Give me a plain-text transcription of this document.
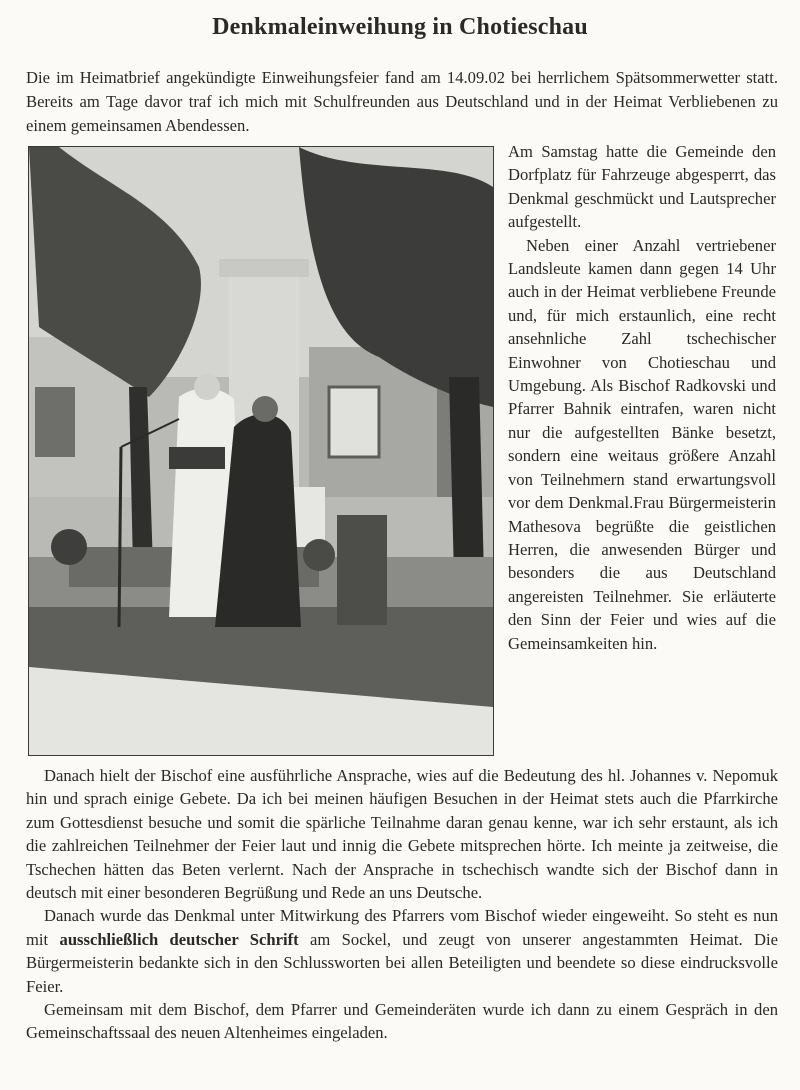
Denkmaleinweihung in Chotieschau

Die im Heimatbrief angekündigte Einweihungsfeier fand am 14.09.02 bei herrlichem Spätsommerwetter statt. Bereits am Tage davor traf ich mich mit Schulfreunden aus Deutschland und in der Heimat Verbliebenen zu einem gemeinsamen Abendessen.

Am Samstag hatte die Gemeinde den Dorfplatz für Fahrzeuge abgesperrt, das Denkmal geschmückt und Lautsprecher aufgestellt.

Neben einer Anzahl vertriebener Landsleute kamen dann gegen 14 Uhr auch in der Heimat verbliebene Freunde und, für mich erstaunlich, eine recht ansehnliche Zahl tschechischer Einwohner von Chotieschau und Umgebung. Als Bischof Radkovski und Pfarrer Bahnik eintrafen, waren nicht nur die aufgestellten Bänke besetzt, sondern eine weitaus größere Anzahl von Teilnehmern stand erwartungsvoll vor dem Denkmal.Frau Bürgermeisterin Mathesova begrüßte die geistlichen Herren, die anwesenden Bürger und besonders die aus Deutschland angereisten Teilnehmer. Sie erläuterte den Sinn der Feier und wies auf die Gemeinsamkeiten hin.

Danach hielt der Bischof eine ausführliche Ansprache, wies auf die Bedeutung des hl. Johannes v. Nepomuk hin und sprach einige Gebete. Da ich bei meinen häufigen Besuchen in der Heimat stets auch die Pfarrkirche zum Gottesdienst besuche und somit die spärliche Teilnahme daran genau kenne, war ich sehr erstaunt, als ich die zahlreichen Teilnehmer der Feier laut und innig die Gebete mitsprechen hörte. Ich meinte ja zeitweise, die Tschechen hätten das Beten verlernt. Nach der Ansprache in tschechisch wandte sich der Bischof dann in deutsch mit einer besonderen Begrüßung und Rede an uns Deutsche.

Danach wurde das Denkmal unter Mitwirkung des Pfarrers vom Bischof wieder eingeweiht. So steht es nun mit ausschließlich deutscher Schrift am Sockel, und zeugt von unserer angestammten Heimat. Die Bürgermeisterin bedankte sich in den Schlussworten bei allen Beteiligten und beendete so diese eindrucksvolle Feier.

Gemeinsam mit dem Bischof, dem Pfarrer und Gemeinderäten wurde ich dann zu einem Gespräch in den Gemeinschaftssaal des neuen Altenheimes eingeladen.
